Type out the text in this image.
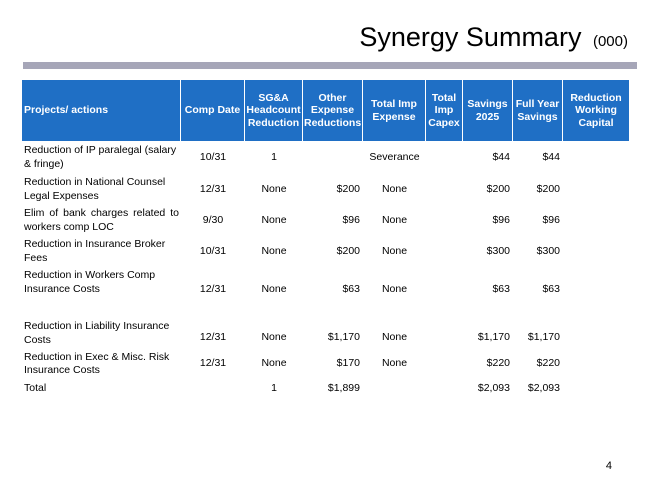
Synergy Summary (000)
Projects/ actions	Comp Date	SG&A Headcount Reduction	Other Expense Reductions	Total Imp Expense	Total Imp Capex	Savings 2025	Full Year Savings	Reduction Working Capital
Reduction of IP paralegal (salary & fringe)	10/31	1		Severance		$44	$44	
Reduction in National Counsel Legal Expenses	12/31	None	$200	None		$200	$200	
Elim of bank charges related to workers comp LOC	9/30	None	$96	None		$96	$96	
Reduction in Insurance Broker Fees	10/31	None	$200	None		$300	$300	
Reduction in Workers Comp Insurance Costs	12/31	None	$63	None		$63	$63	
Reduction in Liability Insurance Costs	12/31	None	$1,170	None		$1,170	$1,170	
Reduction in Exec & Misc. Risk Insurance Costs	12/31	None	$170	None		$220	$220	
Total		1	$1,899			$2,093	$2,093	
4
